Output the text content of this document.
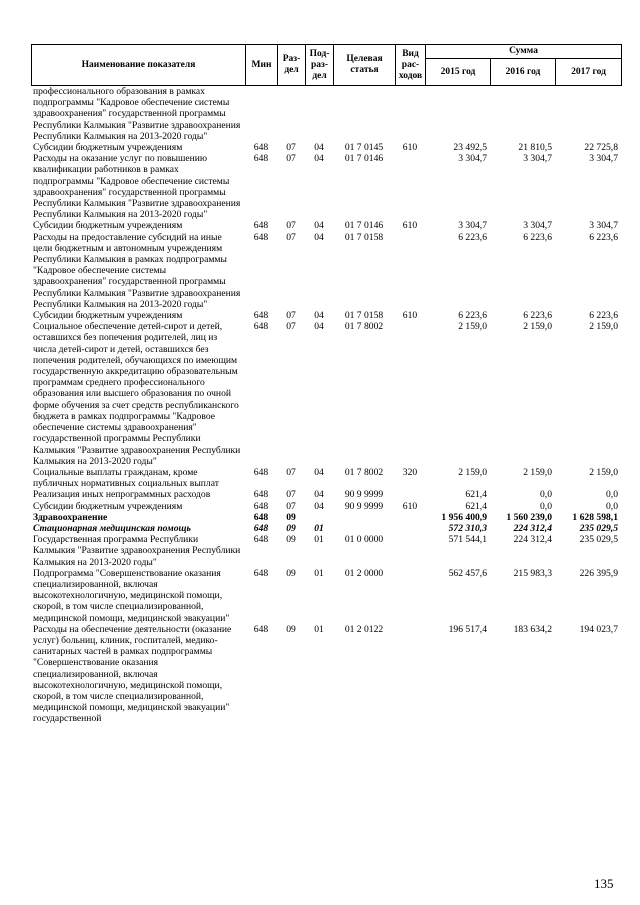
Наименование показателя	Мин	Раз-дел	Под-раз-дел	Целевая статья	Вид рас-ходов	Сумма		
						2015 год	2016 год	2017 год
профессионального образования в рамках подпрограммы "Кадровое обеспечение системы здравоохранения" государственной программы Республики Калмыкия "Развитие здравоохранения Республики Калмыкия на 2013-2020 годы"								
Субсидии бюджетным учреждениям	648	07	04	01 7 0145	610	23 492,5	21 810,5	22 725,8
Расходы на оказание услуг по повышению квалификации работников в рамках подпрограммы "Кадровое обеспечение системы здравоохранения" государственной программы Республики Калмыкия "Развитие здравоохранения Республики Калмыкия на 2013-2020 годы"	648	07	04	01 7 0146		3 304,7	3 304,7	3 304,7
Субсидии бюджетным учреждениям	648	07	04	01 7 0146	610	3 304,7	3 304,7	3 304,7
Расходы на предоставление субсидий на иные цели бюджетным и автономным учреждениям Республики Калмыкия в рамках подпрограммы "Кадровое обеспечение системы здравоохранения" государственной программы Республики Калмыкия "Развитие здравоохранения Республики Калмыкия на 2013-2020 годы"	648	07	04	01 7 0158		6 223,6	6 223,6	6 223,6
Субсидии бюджетным учреждениям	648	07	04	01 7 0158	610	6 223,6	6 223,6	6 223,6
Социальное обеспечение детей-сирот и детей, оставшихся без попечения родителей, лиц из числа детей-сирот и детей, оставшихся без попечения родителей, обучающихся по имеющим государственную аккредитацию образовательным программам среднего профессионального образования или высшего образования по очной форме обучения за счет средств республиканского бюджета в рамках подпрограммы "Кадровое обеспечение системы здравоохранения" государственной программы Республики Калмыкия "Развитие здравоохранения Республики Калмыкия на 2013-2020 годы"	648	07	04	01 7 8002		2 159,0	2 159,0	2 159,0
Социальные выплаты гражданам, кроме публичных нормативных социальных выплат	648	07	04	01 7 8002	320	2 159,0	2 159,0	2 159,0
Реализация иных непрограммных расходов	648	07	04	90 9 9999		621,4	0,0	0,0
Субсидии бюджетным учреждениям	648	07	04	90 9 9999	610	621,4	0,0	0,0
Здравоохранение	648	09				1 956 400,9	1 560 239,0	1 628 598,1
Стационарная медицинская помощь	648	09	01			572 310,3	224 312,4	235 029,5
Государственная программа Республики Калмыкия "Развитие здравоохранения Республики Калмыкия на 2013-2020 годы"	648	09	01	01 0 0000		571 544,1	224 312,4	235 029,5
Подпрограмма "Совершенствование оказания специализированной, включая высокотехнологичную, медицинской помощи, скорой, в том числе специализированной, медицинской помощи, медицинской эвакуации"	648	09	01	01 2 0000		562 457,6	215 983,3	226 395,9
Расходы на обеспечение деятельности (оказание услуг) больниц, клиник, госпиталей, медико-санитарных частей в рамках подпрограммы "Совершенствование оказания специализированной, включая высокотехнологичную, медицинской помощи, скорой, в том числе специализированной, медицинской помощи, медицинской эвакуации" государственной	648	09	01	01 2 0122		196 517,4	183 634,2	194 023,7
135
